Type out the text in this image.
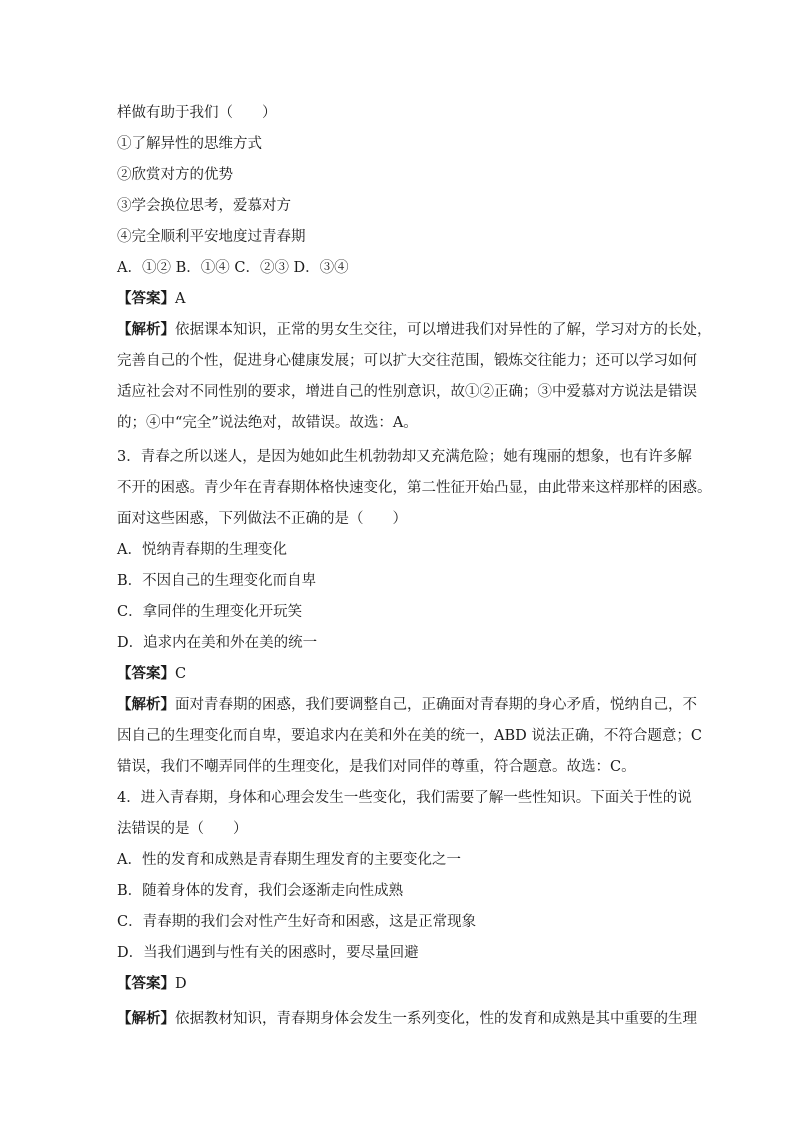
样做有助于我们（　　）
①了解异性的思维方式
②欣赏对方的优势
③学会换位思考，爱慕对方
④完全顺利平安地度过青春期
A．①② B．①④ C．②③ D．③④
【答案】A
【解析】依据课本知识，正常的男女生交往，可以增进我们对异性的了解，学习对方的长处，
完善自己的个性，促进身心健康发展；可以扩大交往范围，锻炼交往能力；还可以学习如何
适应社会对不同性别的要求，增进自己的性别意识，故①②正确；③中爱慕对方说法是错误
的；④中“完全”说法绝对，故错误。故选：A。
3．青春之所以迷人，是因为她如此生机勃勃却又充满危险；她有瑰丽的想象，也有许多解
不开的困惑。青少年在青春期体格快速变化，第二性征开始凸显，由此带来这样那样的困惑。
面对这些困惑，下列做法不正确的是（　　）
A．悦纳青春期的生理变化
B．不因自己的生理变化而自卑
C．拿同伴的生理变化开玩笑
D．追求内在美和外在美的统一
【答案】C
【解析】面对青春期的困惑，我们要调整自己，正确面对青春期的身心矛盾，悦纳自己，不
因自己的生理变化而自卑，要追求内在美和外在美的统一，ABD 说法正确，不符合题意；C
错误，我们不嘲弄同伴的生理变化，是我们对同伴的尊重，符合题意。故选：C。
4．进入青春期，身体和心理会发生一些变化，我们需要了解一些性知识。下面关于性的说
法错误的是（　　）
A．性的发育和成熟是青春期生理发育的主要变化之一
B．随着身体的发育，我们会逐渐走向性成熟
C．青春期的我们会对性产生好奇和困惑，这是正常现象
D．当我们遇到与性有关的困惑时，要尽量回避
【答案】D
【解析】依据教材知识，青春期身体会发生一系列变化，性的发育和成熟是其中重要的生理
